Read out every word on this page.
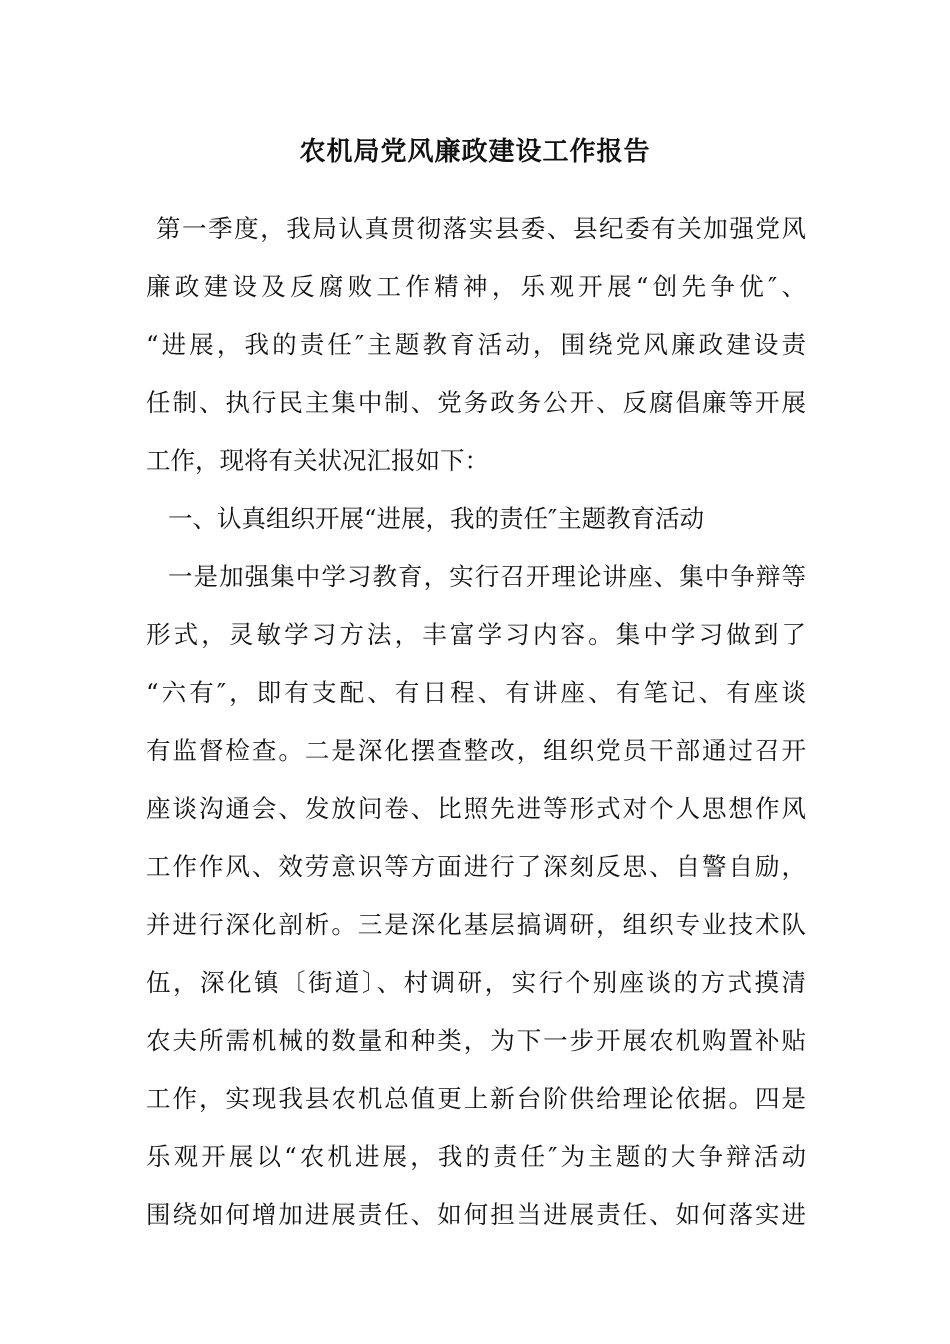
农机局党风廉政建设工作报告
第一季度，我局认真贯彻落实县委、县纪委有关加强党风
廉政建设及反腐败工作精神，乐观开展“创先争优″、
“进展，我的责任″主题教育活动，围绕党风廉政建设责
任制、执行民主集中制、党务政务公开、反腐倡廉等开展
工作，现将有关状况汇报如下：
一、认真组织开展“进展，我的责任″主题教育活动
一是加强集中学习教育，实行召开理论讲座、集中争辩等
形式，灵敏学习方法，丰富学习内容。集中学习做到了
“六有″，即有支配、有日程、有讲座、有笔记、有座谈
有监督检查。二是深化摆查整改，组织党员干部通过召开
座谈沟通会、发放问卷、比照先进等形式对个人思想作风
工作作风、效劳意识等方面进行了深刻反思、自警自励，
并进行深化剖析。三是深化基层搞调研，组织专业技术队
伍，深化镇〔街道〕、村调研，实行个别座谈的方式摸清
农夫所需机械的数量和种类，为下一步开展农机购置补贴
工作，实现我县农机总值更上新台阶供给理论依据。四是
乐观开展以“农机进展，我的责任″为主题的大争辩活动
围绕如何增加进展责任、如何担当进展责任、如何落实进
